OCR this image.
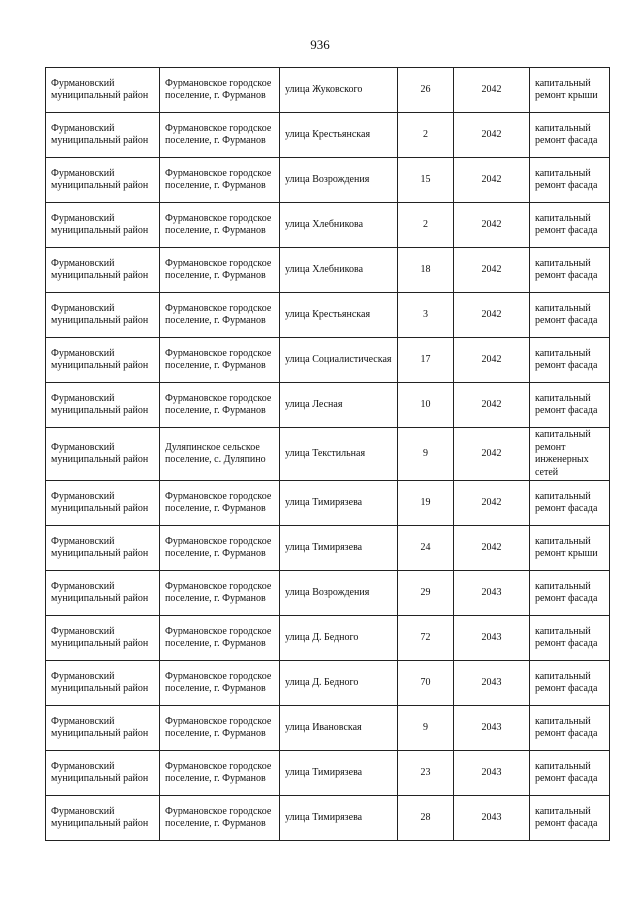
936
Фурмановский муниципальный район	Фурмановское городское поселение, г. Фурманов	улица Жуковского	26	2042	капитальный ремонт крыши
Фурмановский муниципальный район	Фурмановское городское поселение, г. Фурманов	улица Крестьянская	2	2042	капитальный ремонт фасада
Фурмановский муниципальный район	Фурмановское городское поселение, г. Фурманов	улица Возрождения	15	2042	капитальный ремонт фасада
Фурмановский муниципальный район	Фурмановское городское поселение, г. Фурманов	улица Хлебникова	2	2042	капитальный ремонт фасада
Фурмановский муниципальный район	Фурмановское городское поселение, г. Фурманов	улица Хлебникова	18	2042	капитальный ремонт фасада
Фурмановский муниципальный район	Фурмановское городское поселение, г. Фурманов	улица Крестьянская	3	2042	капитальный ремонт фасада
Фурмановский муниципальный район	Фурмановское городское поселение, г. Фурманов	улица Социалистическая	17	2042	капитальный ремонт фасада
Фурмановский муниципальный район	Фурмановское городское поселение, г. Фурманов	улица Лесная	10	2042	капитальный ремонт фасада
Фурмановский муниципальный район	Дуляпинское сельское поселение, с. Дуляпино	улица Текстильная	9	2042	капитальный ремонт инженерных сетей
Фурмановский муниципальный район	Фурмановское городское поселение, г. Фурманов	улица Тимирязева	19	2042	капитальный ремонт фасада
Фурмановский муниципальный район	Фурмановское городское поселение, г. Фурманов	улица Тимирязева	24	2042	капитальный ремонт крыши
Фурмановский муниципальный район	Фурмановское городское поселение, г. Фурманов	улица Возрождения	29	2043	капитальный ремонт фасада
Фурмановский муниципальный район	Фурмановское городское поселение, г. Фурманов	улица Д. Бедного	72	2043	капитальный ремонт фасада
Фурмановский муниципальный район	Фурмановское городское поселение, г. Фурманов	улица Д. Бедного	70	2043	капитальный ремонт фасада
Фурмановский муниципальный район	Фурмановское городское поселение, г. Фурманов	улица Ивановская	9	2043	капитальный ремонт фасада
Фурмановский муниципальный район	Фурмановское городское поселение, г. Фурманов	улица Тимирязева	23	2043	капитальный ремонт фасада
Фурмановский муниципальный район	Фурмановское городское поселение, г. Фурманов	улица Тимирязева	28	2043	капитальный ремонт фасада
